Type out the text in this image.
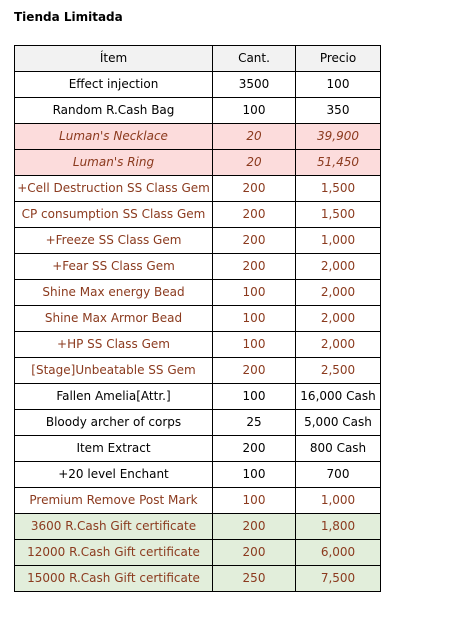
Tienda Limitada
Ítem	Cant.	Precio
Effect injection	3500	100
Random R.Cash Bag	100	350
Luman's Necklace	20	39,900
Luman's Ring	20	51,450
+Cell Destruction SS Class Gem	200	1,500
CP consumption SS Class Gem	200	1,500
+Freeze SS Class Gem	200	1,000
+Fear SS Class Gem	200	2,000
Shine Max energy Bead	100	2,000
Shine Max Armor Bead	100	2,000
+HP SS Class Gem	100	2,000
[Stage]Unbeatable SS Gem	200	2,500
Fallen Amelia[Attr.]	100	16,000 Cash
Bloody archer of corps	25	5,000 Cash
Item Extract	200	800 Cash
+20 level Enchant	100	700
Premium Remove Post Mark	100	1,000
3600 R.Cash Gift certificate	200	1,800
12000 R.Cash Gift certificate	200	6,000
15000 R.Cash Gift certificate	250	7,500
